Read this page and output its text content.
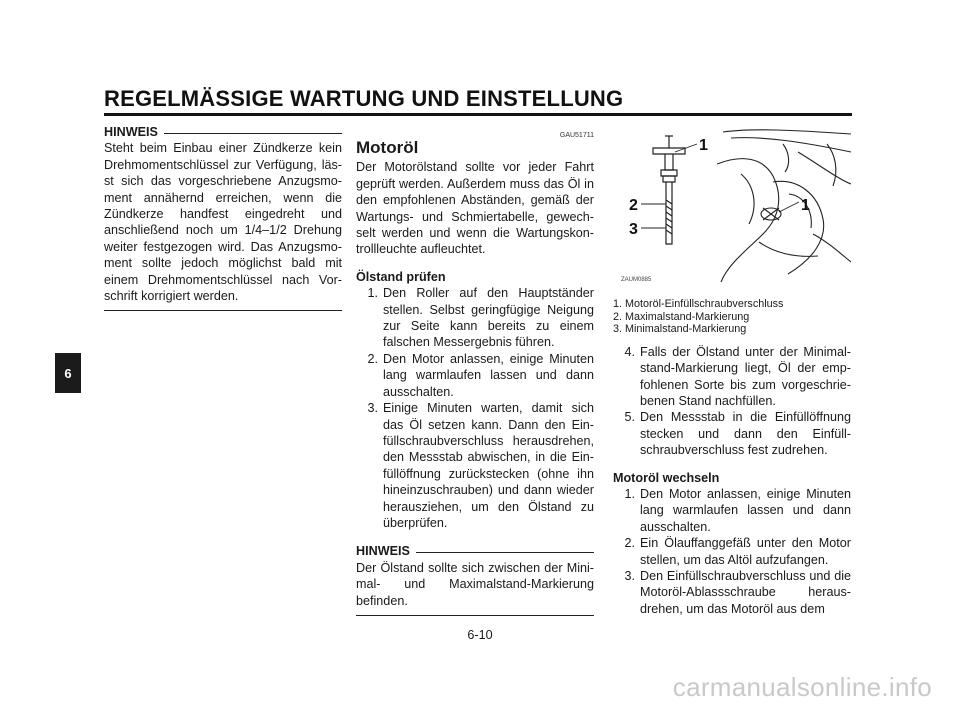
REGELMÄSSIGE WARTUNG UND EINSTELLUNG
6
HINWEIS
Steht beim Einbau einer Zündkerze kein Drehmomentschlüssel zur Verfügung, läs-st sich das vorgeschriebene Anzugsmo-ment annähernd erreichen, wenn die Zündkerze handfest eingedreht und anschließend noch um 1/4–1/2 Drehung weiter festgezogen wird. Das Anzugsmo-ment sollte jedoch möglichst bald mit einem Drehmomentschlüssel nach Vor-schrift korrigiert werden.
GAU51711
Motoröl
Der Motorölstand sollte vor jeder Fahrt geprüft werden. Außerdem muss das Öl in den empfohlenen Abständen, gemäß der Wartungs- und Schmiertabelle, gewech-selt werden und wenn die Wartungskon-trollleuchte aufleuchtet.
Ölstand prüfen
1. Den Roller auf den Hauptständer stellen. Selbst geringfügige Neigung zur Seite kann bereits zu einem falschen Messergebnis führen.
2. Den Motor anlassen, einige Minuten lang warmlaufen lassen und dann ausschalten.
3. Einige Minuten warten, damit sich das Öl setzen kann. Dann den Ein-füllschraubverschluss herausdrehen, den Messstab abwischen, in die Ein-füllöffnung zurückstecken (ohne ihn hineinzuschrauben) und dann wieder herausziehen, um den Ölstand zu überprüfen.
HINWEIS
Der Ölstand sollte sich zwischen der Mini-mal- und Maximalstand-Markierung befinden.
1
2
3
1
ZAUM0885
1. Motoröl-Einfüllschraubverschluss
2. Maximalstand-Markierung
3. Minimalstand-Markierung
4. Falls der Ölstand unter der Minimal-stand-Markierung liegt, Öl der emp-fohlenen Sorte bis zum vorgeschrie-benen Stand nachfüllen.
5. Den Messstab in die Einfüllöffnung stecken und dann den Einfüll-schraubverschluss fest zudrehen.
Motoröl wechseln
1. Den Motor anlassen, einige Minuten lang warmlaufen lassen und dann ausschalten.
2. Ein Ölauffanggefäß unter den Motor stellen, um das Altöl aufzufangen.
3. Den Einfüllschraubverschluss und die Motoröl-Ablassschraube heraus-drehen, um das Motoröl aus dem
6-10
carmanualsonline.info
